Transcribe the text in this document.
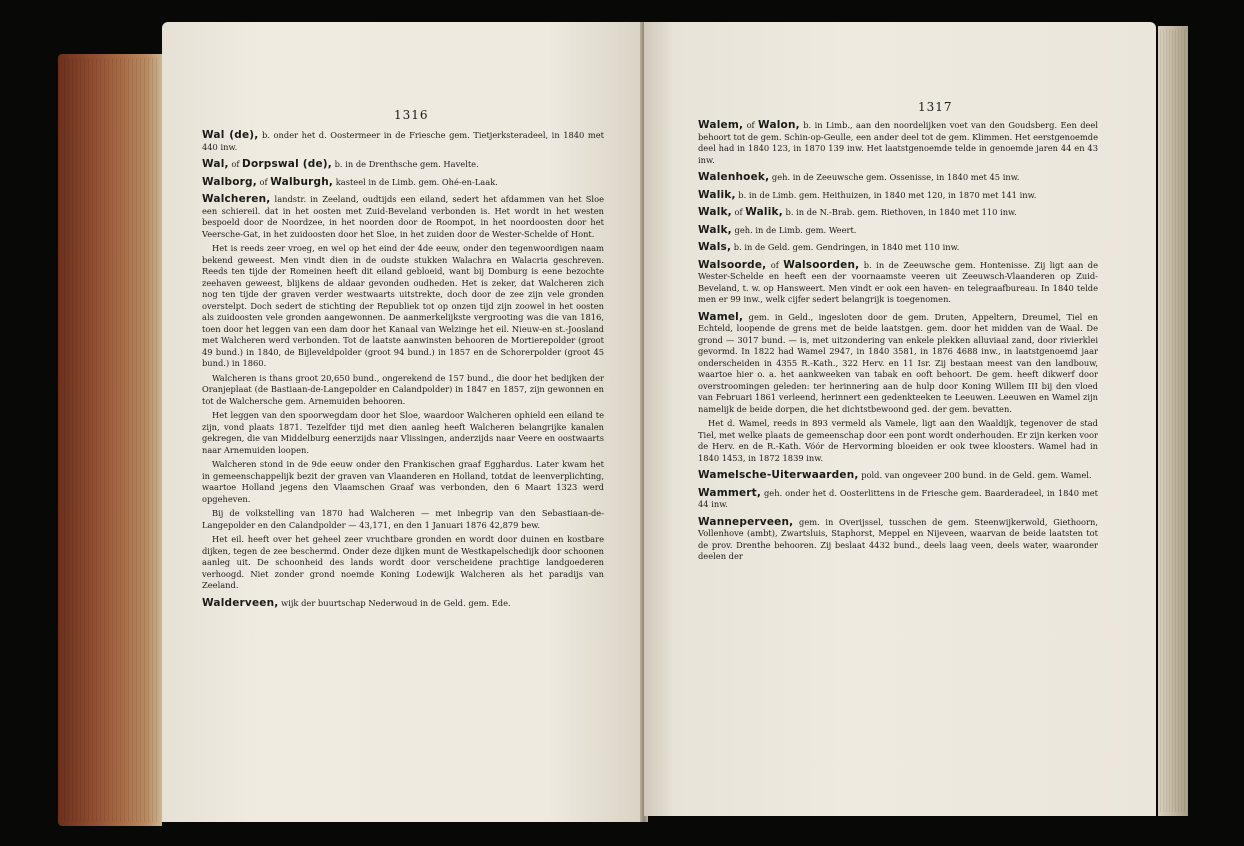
1316

Wal (de), b. onder het d. Oostermeer in de Friesche gem. Tietjerksteradeel, in 1840 met 440 inw.

Wal, of Dorpswal (de), b. in de Drenthsche gem. Havelte.

Walborg, of Walburgh, kasteel in de Limb. gem. Ohé-en-Laak.

Walcheren, landstr. in Zeeland, oudtijds een eiland, sedert het afdammen van het Sloe een schiereil. dat in het oosten met Zuid-Beveland verbonden is. Het wordt in het westen bespoeld door de Noordzee, in het noorden door de Roompot, in het noordoosten door het Veersche-Gat, in het zuidoosten door het Sloe, in het zuiden door de Wester-Schelde of Hont.

Het is reeds zeer vroeg, en wel op het eind der 4de eeuw, onder den tegenwoordigen naam bekend geweest. Men vindt dien in de oudste stukken Walachra en Walacria geschreven. Reeds ten tijde der Romeinen heeft dit eiland gebloeid, want bij Domburg is eene bezochte zeehaven geweest, blijkens de aldaar gevonden oudheden. Het is zeker, dat Walcheren zich nog ten tijde der graven verder westwaarts uitstrekte, doch door de zee zijn vele gronden overstelpt. Doch sedert de stichting der Republiek tot op onzen tijd zijn zoowel in het oosten als zuidoosten vele gronden aangewonnen. De aanmerkelijkste vergrooting was die van 1816, toen door het leggen van een dam door het Kanaal van Welzinge het eil. Nieuw-en st.-Joosland met Walcheren werd verbonden. Tot de laatste aanwinsten behooren de Mortierepolder (groot 49 bund.) in 1840, de Bijleveldpolder (groot 94 bund.) in 1857 en de Schorerpolder (groot 45 bund.) in 1860.

Walcheren is thans groot 20,650 bund., ongerekend de 157 bund., die door het bedijken der Oranjeplaat (de Bastiaan-de-Langepolder en Calandpolder) in 1847 en 1857, zijn gewonnen en tot de Walchersche gem. Arnemuiden behooren.

Het leggen van den spoorwegdam door het Sloe, waardoor Walcheren ophield een eiland te zijn, vond plaats 1871. Tezelfder tijd met dien aanleg heeft Walcheren belangrijke kanalen gekregen, die van Middelburg eenerzijds naar Vlissingen, anderzijds naar Veere en oostwaarts naar Arnemuiden loopen.

Walcheren stond in de 9de eeuw onder den Frankischen graaf Egghardus. Later kwam het in gemeenschappelijk bezit der graven van Vlaanderen en Holland, totdat de leenverplichting, waartoe Holland jegens den Vlaamschen Graaf was verbonden, den 6 Maart 1323 werd opgeheven.

Bij de volkstelling van 1870 had Walcheren — met inbegrip van den Sebastiaan-de-Langepolder en den Calandpolder — 43,171, en den 1 Januari 1876 42,879 bew.

Het eil. heeft over het geheel zeer vruchtbare gronden en wordt door duinen en kostbare dijken, tegen de zee beschermd. Onder deze dijken munt de Westkapelschedijk door schoonen aanleg uit. De schoonheid des lands wordt door verscheidene prachtige landgoederen verhoogd. Niet zonder grond noemde Koning Lodewijk Walcheren als het paradijs van Zeeland.

Walderveen, wijk der buurtschap Nederwoud in de Geld. gem. Ede.

1317

Walem, of Walon, b. in Limb., aan den noordelijken voet van den Goudsberg. Een deel behoort tot de gem. Schin-op-Geulle, een ander deel tot de gem. Klimmen. Het eerstgenoemde deel had in 1840 123, in 1870 139 inw. Het laatstgenoemde telde in genoemde jaren 44 en 43 inw.

Walenhoek, geh. in de Zeeuwsche gem. Ossenisse, in 1840 met 45 inw.

Walik, b. in de Limb. gem. Heithuizen, in 1840 met 120, in 1870 met 141 inw.

Walk, of Walik, b. in de N.-Brab. gem. Riethoven, in 1840 met 110 inw.

Walk, geh. in de Limb. gem. Weert.

Wals, b. in de Geld. gem. Gendringen, in 1840 met 110 inw.

Walsoorde, of Walsoorden, b. in de Zeeuwsche gem. Hontenisse. Zij ligt aan de Wester-Schelde en heeft een der voornaamste veeren uit Zeeuwsch-Vlaanderen op Zuid-Beveland, t. w. op Hansweert. Men vindt er ook een haven- en telegraafbureau. In 1840 telde men er 99 inw., welk cijfer sedert belangrijk is toegenomen.

Wamel, gem. in Geld., ingesloten door de gem. Druten, Appeltern, Dreumel, Tiel en Echteld, loopende de grens met de beide laatstgen. gem. door het midden van de Waal. De grond — 3017 bund. — is, met uitzondering van enkele plekken alluviaal zand, door rivierklei gevormd. In 1822 had Wamel 2947, in 1840 3581, in 1876 4688 inw., in laatstgenoemd jaar onderscheiden in 4355 R.-Kath., 322 Herv. en 11 Isr. Zij bestaan meest van den landbouw, waartoe hier o. a. het aankweeken van tabak en ooft behoort. De gem. heeft dikwerf door overstroomingen geleden: ter herinnering aan de hulp door Koning Willem III bij den vloed van Februari 1861 verleend, herinnert een gedenkteeken te Leeuwen. Leeuwen en Wamel zijn namelijk de beide dorpen, die het dichtstbewoond ged. der gem. bevatten.

Het d. Wamel, reeds in 893 vermeld als Vamele, ligt aan den Waaldijk, tegenover de stad Tiel, met welke plaats de gemeenschap door een pont wordt onderhouden. Er zijn kerken voor de Herv. en de R.-Kath. Vóór de Hervorming bloeiden er ook twee kloosters. Wamel had in 1840 1453, in 1872 1839 inw.

Wamelsche-Uiterwaarden, pold. van ongeveer 200 bund. in de Geld. gem. Wamel.

Wammert, geh. onder het d. Oosterlittens in de Friesche gem. Baarderadeel, in 1840 met 44 inw.

Wanneperveen, gem. in Overijssel, tusschen de gem. Steenwijkerwold, Giethoorn, Vollenhove (ambt), Zwartsluis, Staphorst, Meppel en Nijeveen, waarvan de beide laatsten tot de prov. Drenthe behooren. Zij beslaat 4432 bund., deels laag veen, deels water, waaronder deelen der
